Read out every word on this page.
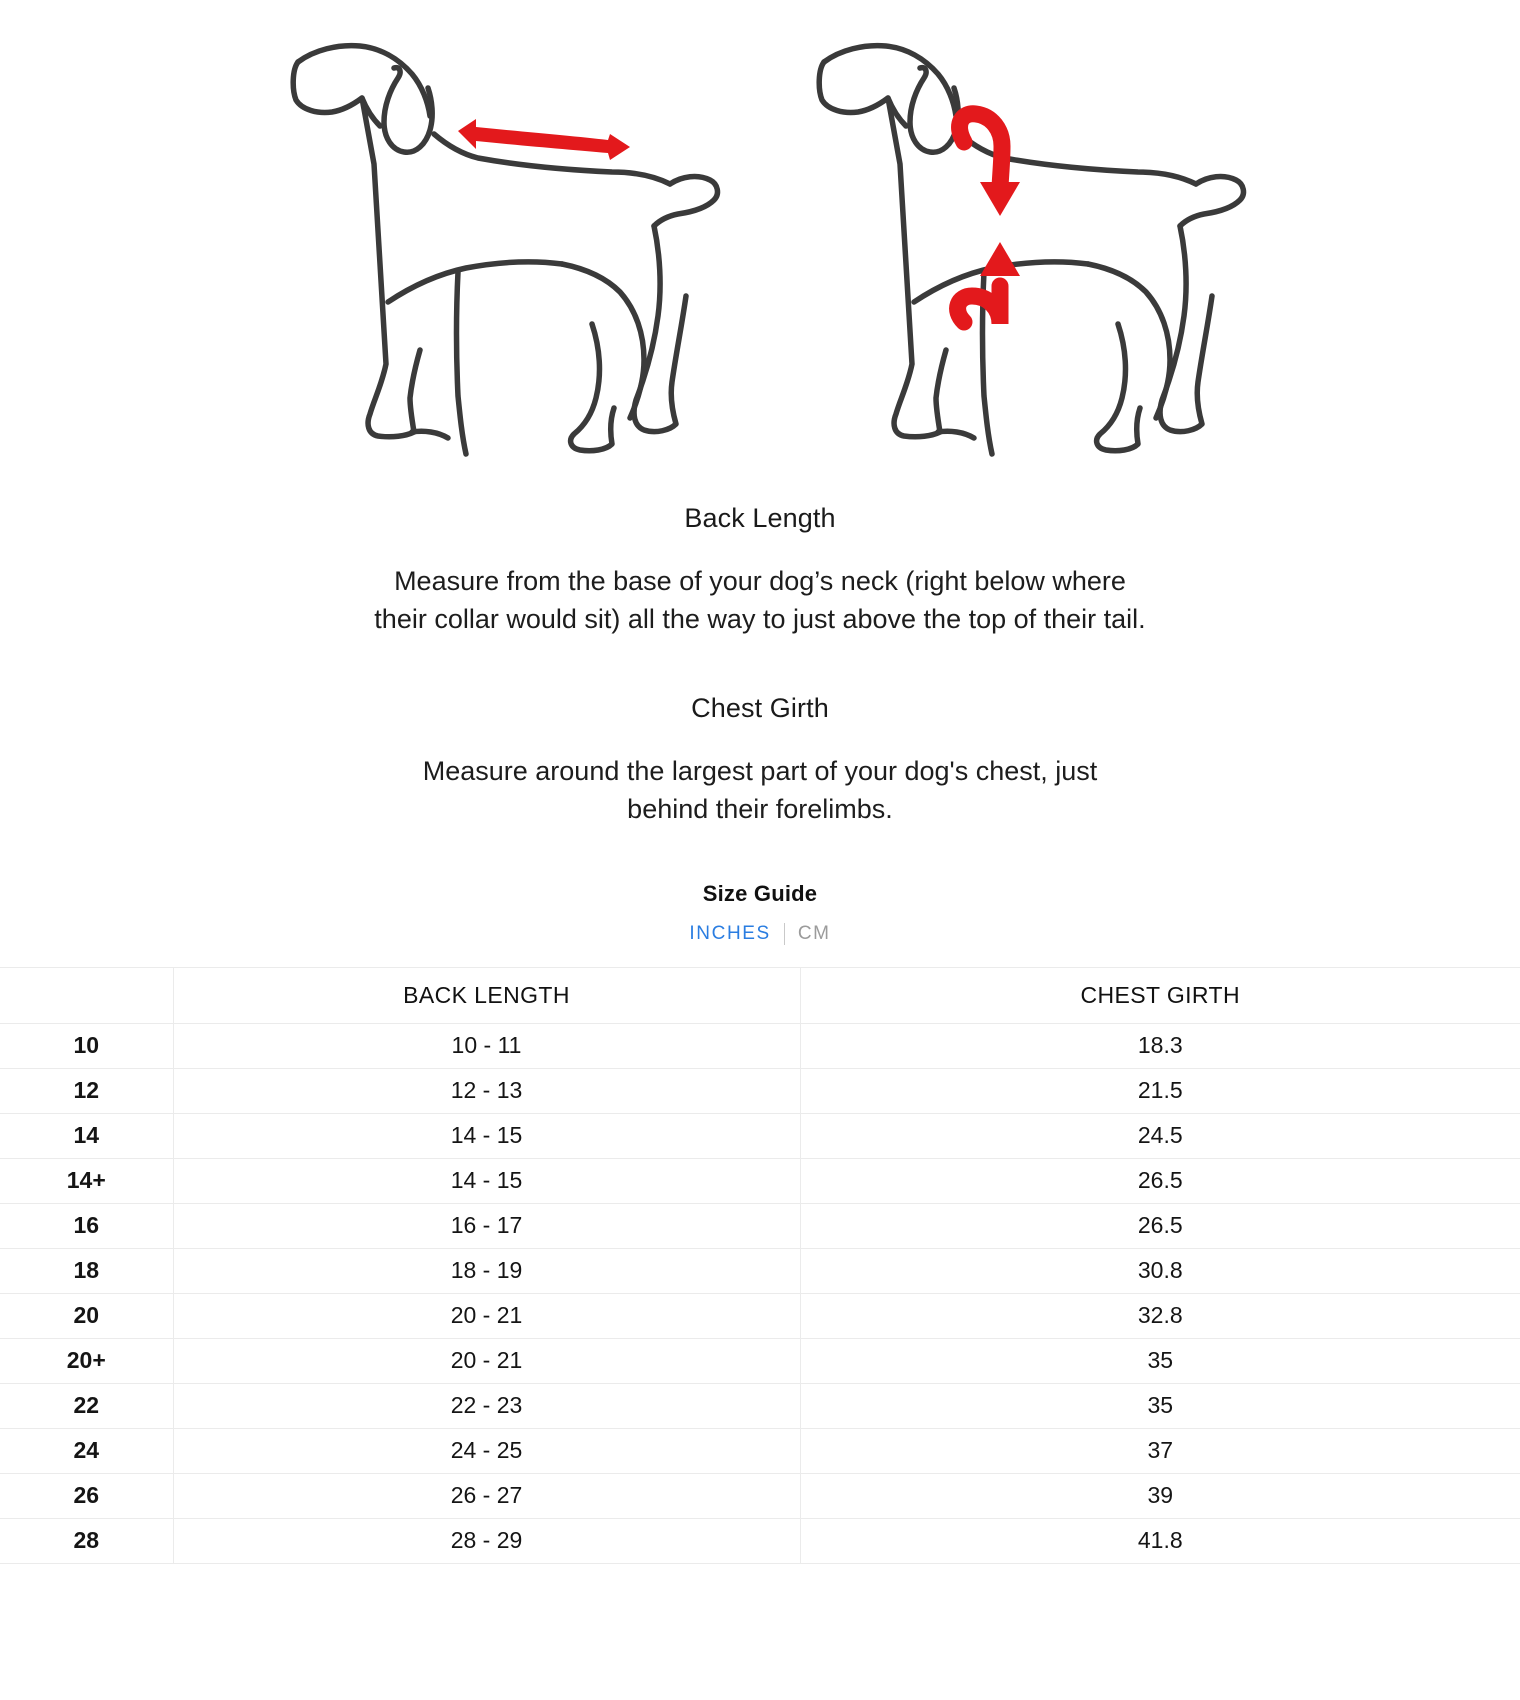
Back Length

Measure from the base of your dog’s neck (right below where
their collar would sit) all the way to just above the top of their tail.

Chest Girth

Measure around the largest part of your dog's chest, just
behind their forelimbs.

Size Guide
INCHES	CM
	BACK LENGTH	CHEST GIRTH
10	10 - 11	18.3
12	12 - 13	21.5
14	14 - 15	24.5
14+	14 - 15	26.5
16	16 - 17	26.5
18	18 - 19	30.8
20	20 - 21	32.8
20+	20 - 21	35
22	22 - 23	35
24	24 - 25	37
26	26 - 27	39
28	28 - 29	41.8
